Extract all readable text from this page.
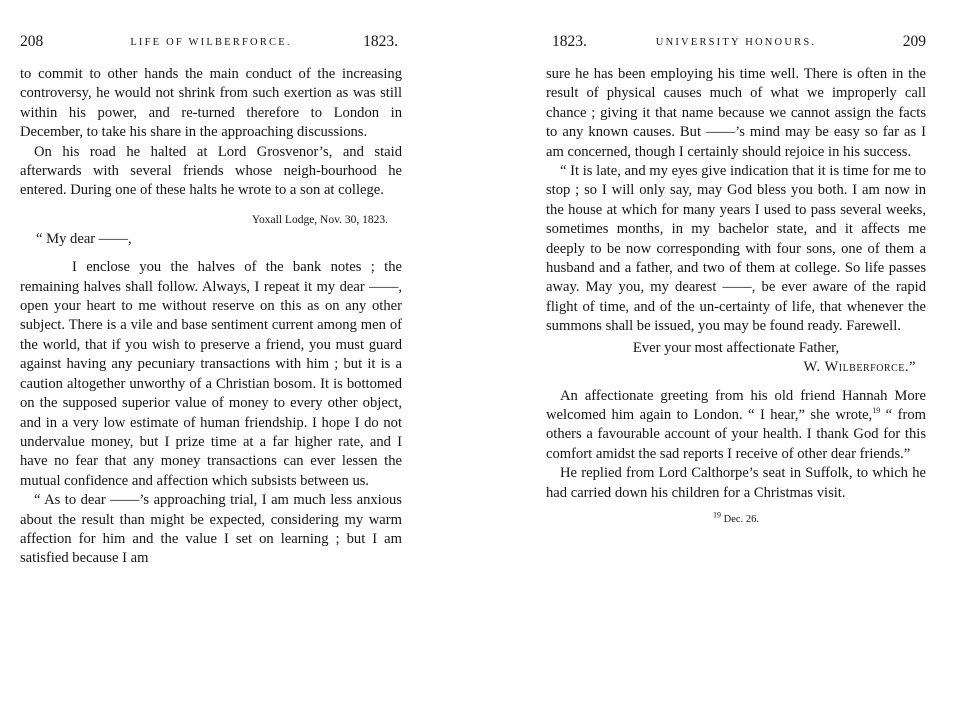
208	LIFE OF WILBERFORCE.	1823.

to commit to other hands the main conduct of the increasing controversy, he would not shrink from such exertion as was still within his power, and re-turned therefore to London in December, to take his share in the approaching discussions.

On his road he halted at Lord Grosvenor’s, and staid afterwards with several friends whose neigh-bourhood he entered. During one of these halts he wrote to a son at college.

Yoxall Lodge, Nov. 30, 1823.

“ My dear ——,

I enclose you the halves of the bank notes ; the remaining halves shall follow. Always, I repeat it my dear ——, open your heart to me without reserve on this as on any other subject. There is a vile and base sentiment current among men of the world, that if you wish to preserve a friend, you must guard against having any pecuniary transactions with him ; but it is a caution altogether unworthy of a Christian bosom. It is bottomed on the supposed superior value of money to every other object, and in a very low estimate of human friendship. I hope I do not undervalue money, but I prize time at a far higher rate, and I have no fear that any money transactions can ever lessen the mutual confidence and affection which subsists between us.

“ As to dear ——’s approaching trial, I am much less anxious about the result than might be expected, considering my warm affection for him and the value I set on learning ; but I am satisfied because I am

1823.	UNIVERSITY HONOURS.	209

sure he has been employing his time well. There is often in the result of physical causes much of what we improperly call chance ; giving it that name because we cannot assign the facts to any known causes. But ——’s mind may be easy so far as I am concerned, though I certainly should rejoice in his success.

“ It is late, and my eyes give indication that it is time for me to stop ; so I will only say, may God bless you both. I am now in the house at which for many years I used to pass several weeks, sometimes months, in my bachelor state, and it affects me deeply to be now corresponding with four sons, one of them a husband and a father, and two of them at college. So life passes away. May you, my dearest ——, be ever aware of the rapid flight of time, and of the un-certainty of life, that whenever the summons shall be issued, you may be found ready. Farewell.

Ever your most affectionate Father,

W. Wilberforce.”

An affectionate greeting from his old friend Hannah More welcomed him again to London. “ I hear,” she wrote,$^{19}$ “ from others a favourable account of your health. I thank God for this comfort amidst the sad reports I receive of other dear friends.”

He replied from Lord Calthorpe’s seat in Suffolk, to which he had carried down his children for a Christmas visit.

$^{19}$ Dec. 26.
